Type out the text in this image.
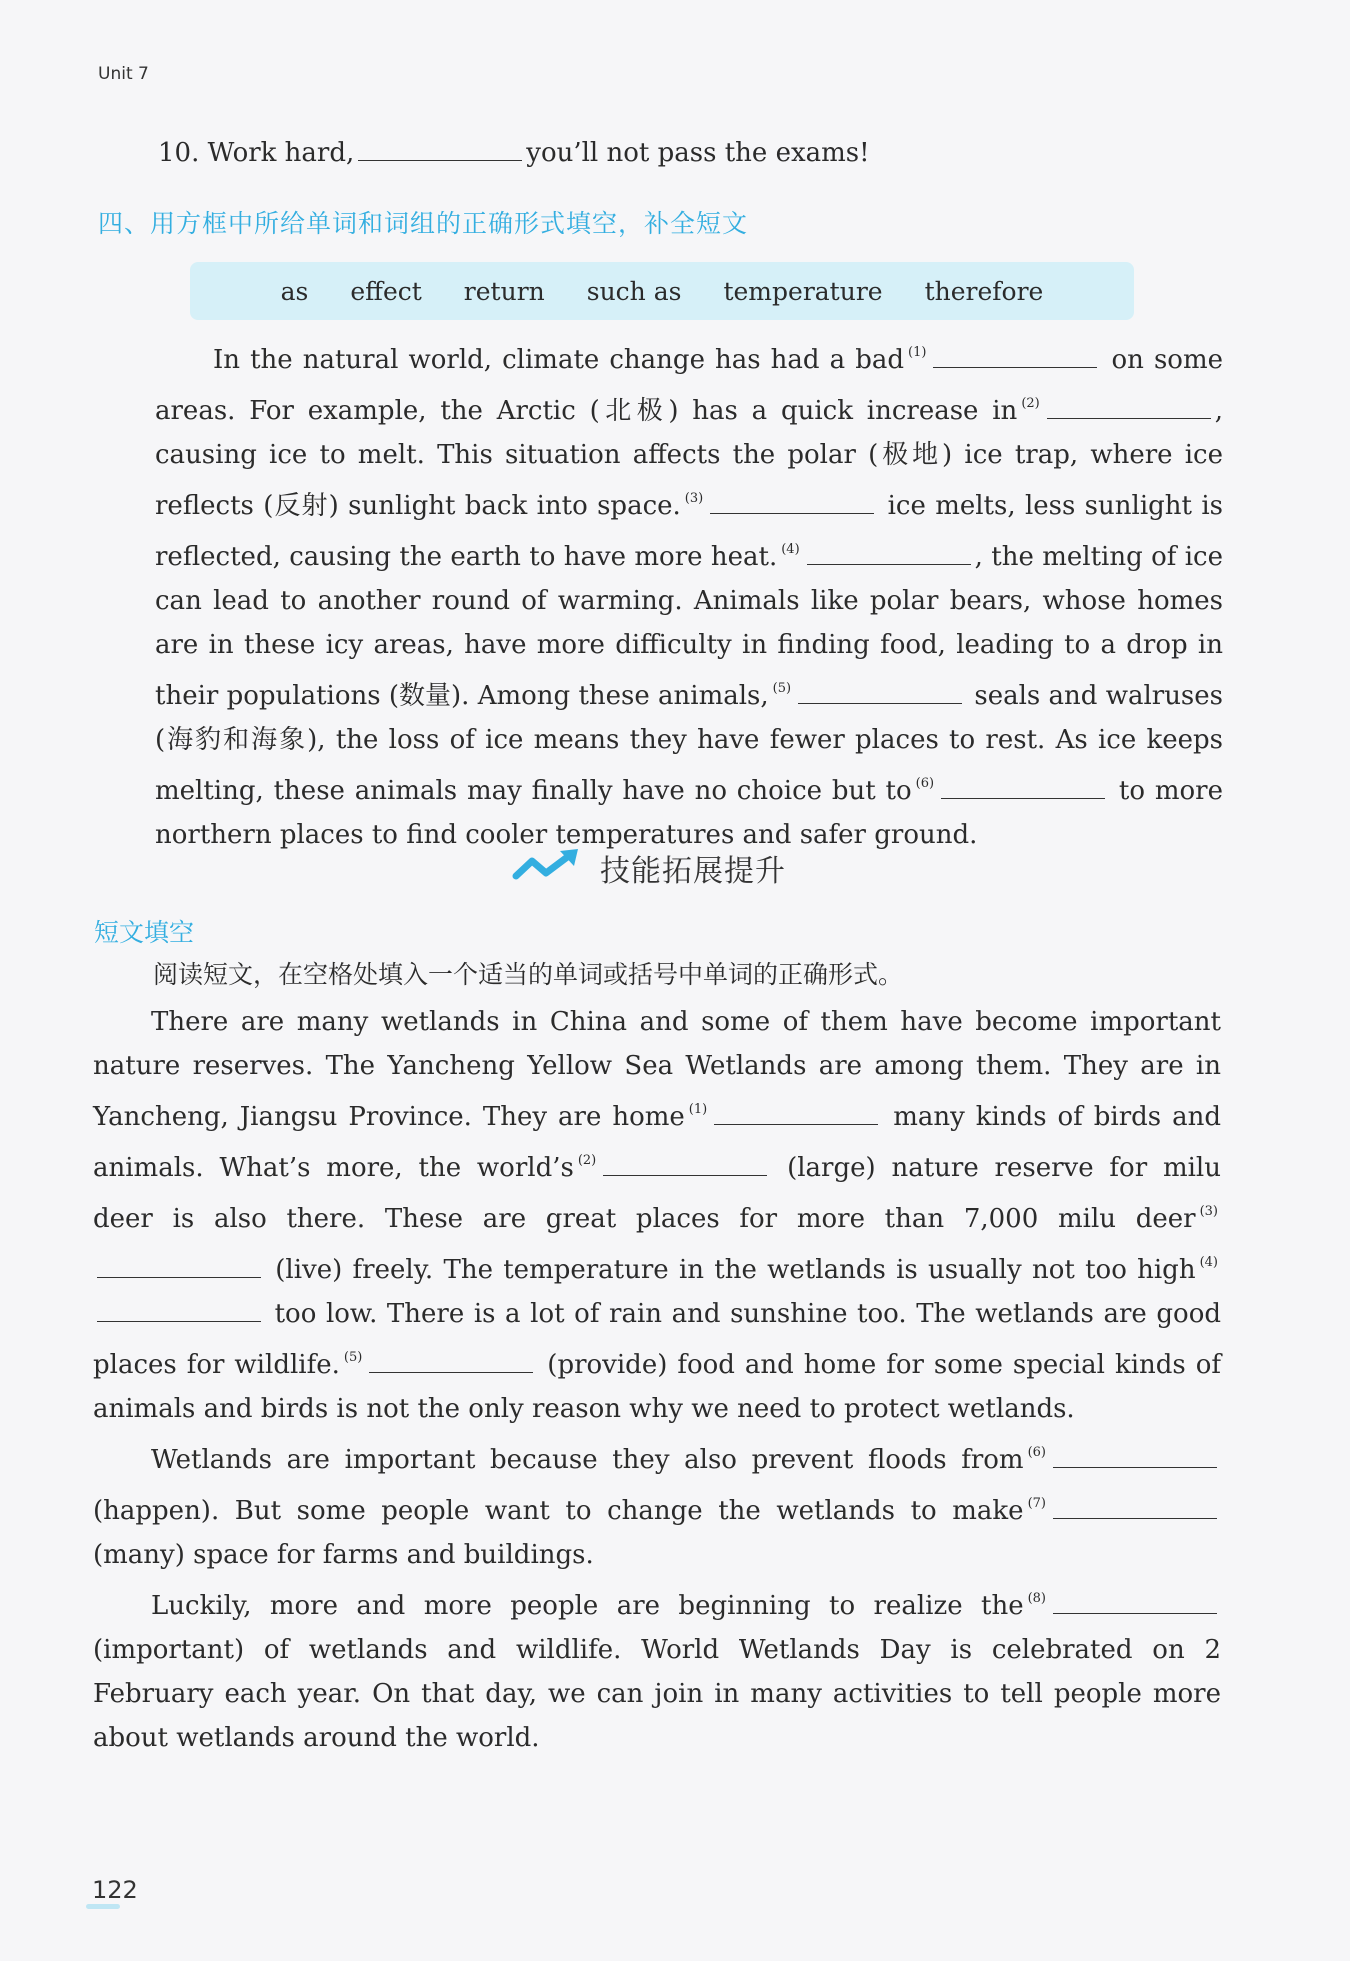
Unit 7
10. Work hard,	you’ll not pass the exams!
四、用方框中所给单词和词组的正确形式填空，补全短文
as effect return such as temperature therefore

In the natural world, climate change has had a bad $^{(1)}$	on some areas. For example, the Arctic (北极) has a quick increase in $^{(2)}$	, causing ice to melt. This situation affects the polar (极地) ice trap, where ice reflects (反射) sunlight back into space. $^{(3)}$	ice melts, less sunlight is reflected, causing the earth to have more heat. $^{(4)}$	, the melting of ice can lead to another round of warming. Animals like polar bears, whose homes are in these icy areas, have more difficulty in finding food, leading to a drop in their populations (数量). Among these animals, $^{(5)}$	seals and walruses (海豹和海象), the loss of ice means they have fewer places to rest. As ice keeps melting, these animals may finally have no choice but to $^{(6)}$	to more northern places to find cooler temperatures and safer ground.

技能拓展提升
短文填空
阅读短文，在空格处填入一个适当的单词或括号中单词的正确形式。

There are many wetlands in China and some of them have become important nature reserves. The Yancheng Yellow Sea Wetlands are among them. They are in Yancheng, Jiangsu Province. They are home $^{(1)}$	many kinds of birds and animals. What’s more, the world’s $^{(2)}$	(large) nature reserve for milu deer is also there. These are great places for more than 7,000 milu deer $^{(3)}$ (live) freely. The temperature in the wetlands is usually not too high $^{(4)}$ too low. There is a lot of rain and sunshine too. The wetlands are good places for wildlife. $^{(5)}$	(provide) food and home for some special kinds of animals and birds is not the only reason why we need to protect wetlands.

Wetlands are important because they also prevent floods from $^{(6)}$ (happen). But some people want to change the wetlands to make $^{(7)}$ (many) space for farms and buildings.

Luckily, more and more people are beginning to realize the $^{(8)}$ (important) of wetlands and wildlife. World Wetlands Day is celebrated on 2 February each year. On that day, we can join in many activities to tell people more about wetlands around the world.

122
